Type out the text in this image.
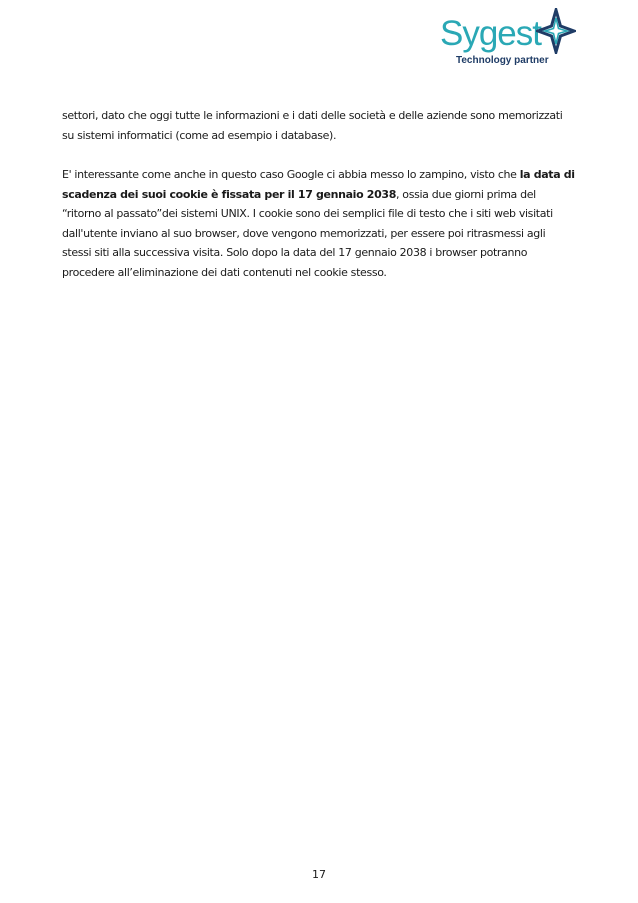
Sygest
Technology partner

settori, dato che oggi tutte le informazioni e i dati delle società e delle aziende sono memorizzati su sistemi informatici (come ad esempio i database).

E' interessante come anche in questo caso Google ci abbia messo lo zampino, visto che la data di scadenza dei suoi cookie è fissata per il 17 gennaio 2038, ossia due giorni prima del “ritorno al passato”dei sistemi UNIX. I cookie sono dei semplici file di testo che i siti web visitati dall'utente inviano al suo browser, dove vengono memorizzati, per essere poi ritrasmessi agli stessi siti alla successiva visita. Solo dopo la data del 17 gennaio 2038 i browser potranno procedere all’eliminazione dei dati contenuti nel cookie stesso.

17
